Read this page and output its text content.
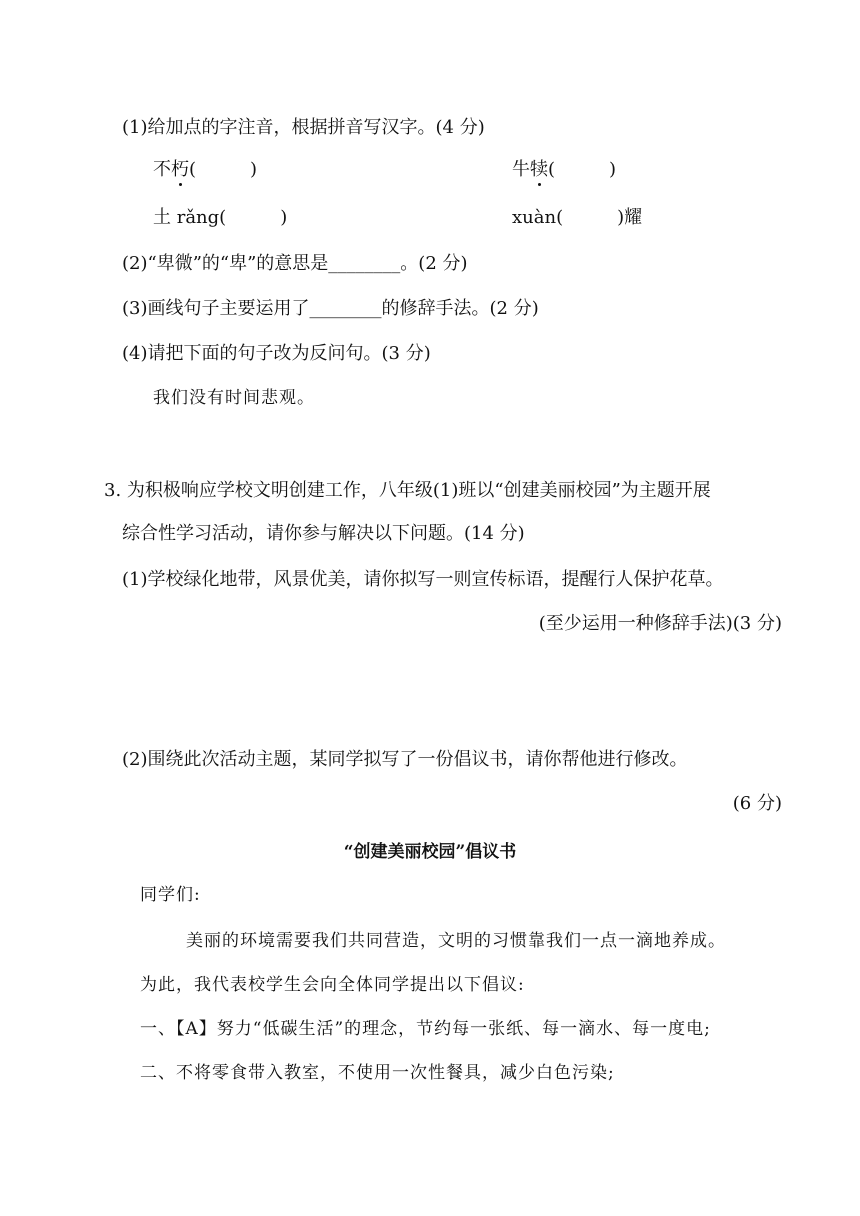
(1)给加点的字注音，根据拼音写汉字。(4 分)
不朽(　　　)	牛犊(　　　)
土 rǎng(　　　)	xuàn(　　　)耀
(2)“卑微”的“卑”的意思是________。(2 分)
(3)画线句子主要运用了________的修辞手法。(2 分)
(4)请把下面的句子改为反问句。(3 分)
我们没有时间悲观。
3. 为积极响应学校文明创建工作，八年级(1)班以“创建美丽校园”为主题开展
综合性学习活动，请你参与解决以下问题。(14 分)
(1)学校绿化地带，风景优美，请你拟写一则宣传标语，提醒行人保护花草。
(至少运用一种修辞手法)(3 分)
(2)围绕此次活动主题，某同学拟写了一份倡议书，请你帮他进行修改。
(6 分)
“创建美丽校园”倡议书
同学们:
美丽的环境需要我们共同营造，文明的习惯靠我们一点一滴地养成。
为此，我代表校学生会向全体同学提出以下倡议:
一、【A】努力“低碳生活”的理念，节约每一张纸、每一滴水、每一度电;
二、不将零食带入教室，不使用一次性餐具，减少白色污染;
